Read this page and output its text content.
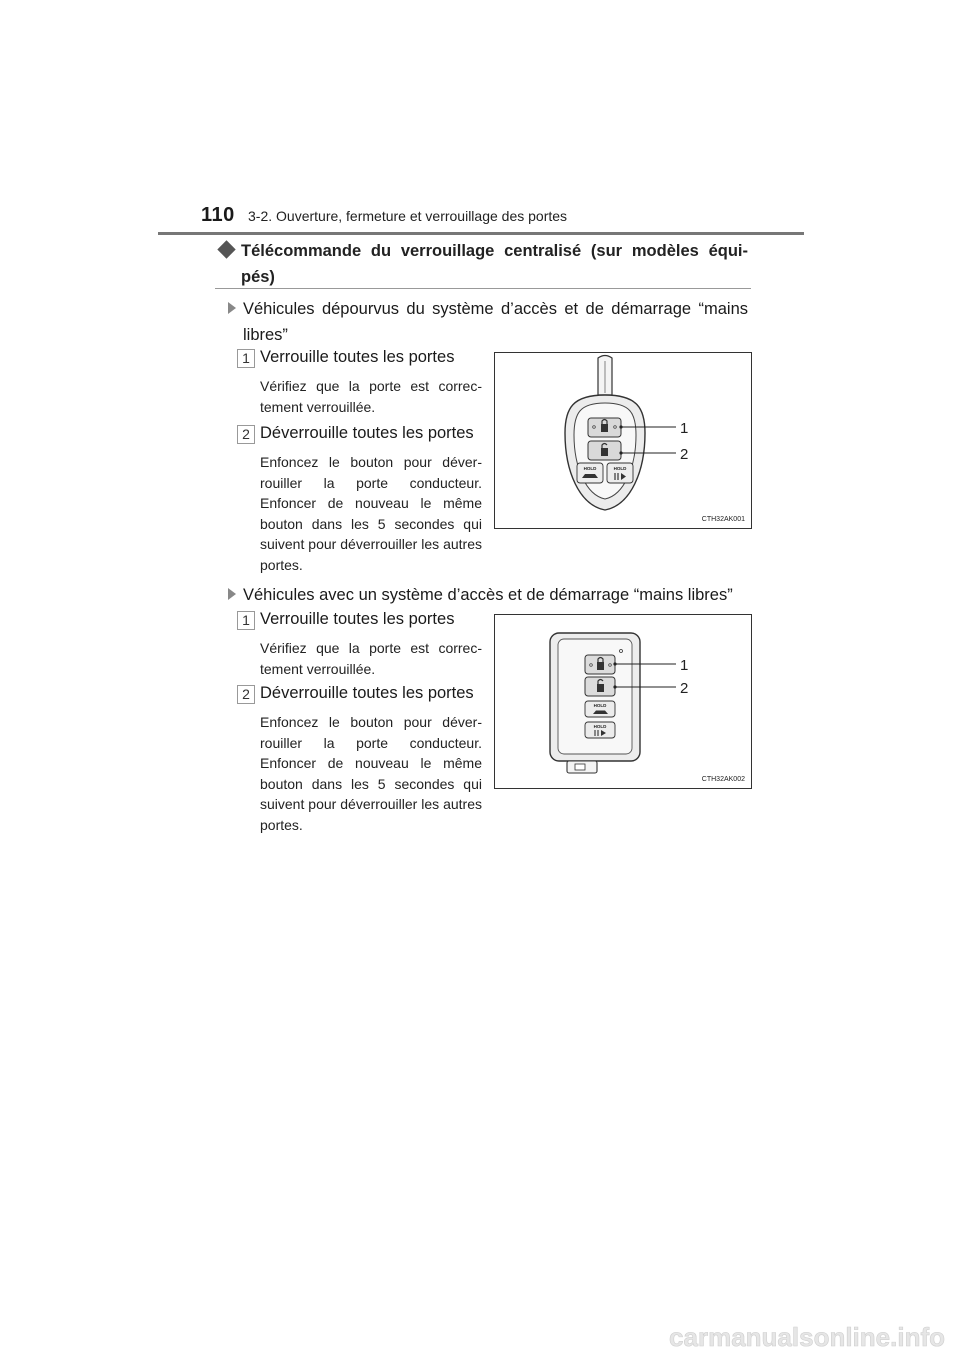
110 3-2. Ouverture, fermeture et verrouillage des portes
Télécommande du verrouillage centralisé (sur modèles équi-pés)
Véhicules dépourvus du système d’accès et de démarrage “mains libres”
1 Verrouille toutes les portes
Vérifiez que la porte est correc-tement verrouillée.
2 Déverrouille toutes les portes
Enfoncez le bouton pour déver-rouiller la porte conducteur. Enfoncer de nouveau le même bouton dans les 5 secondes qui suivent pour déverrouiller les autres portes.
HOLD	HOLD
1
2
CTH32AK001
Véhicules avec un système d’accès et de démarrage “mains libres”
1 Verrouille toutes les portes
Vérifiez que la porte est correc-tement verrouillée.
2 Déverrouille toutes les portes
Enfoncez le bouton pour déver-rouiller la porte conducteur. Enfoncer de nouveau le même bouton dans les 5 secondes qui suivent pour déverrouiller les autres portes.
HOLD
HOLD
1
2
CTH32AK002
carmanualsonline.info
